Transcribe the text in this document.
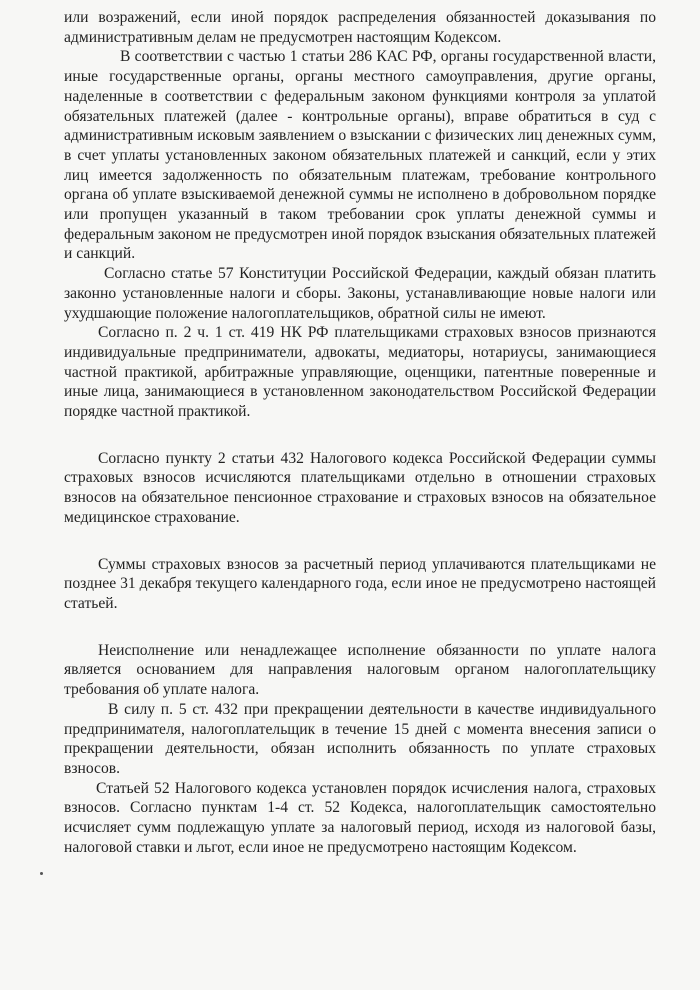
или возражений, если иной порядок распределения обязанностей доказывания по административным делам не предусмотрен настоящим Кодексом.

В соответствии с частью 1 статьи 286 КАС РФ, органы государственной власти, иные государственные органы, органы местного самоуправления, другие органы, наделенные в соответствии с федеральным законом функциями контроля за уплатой обязательных платежей (далее - контрольные органы), вправе обратиться в суд с административным исковым заявлением о взыскании с физических лиц денежных сумм, в счет уплаты установленных законом обязательных платежей и санкций, если у этих лиц имеется задолженность по обязательным платежам, требование контрольного органа об уплате взыскиваемой денежной суммы не исполнено в добровольном порядке или пропущен указанный в таком требовании срок уплаты денежной суммы и федеральным законом не предусмотрен иной порядок взыскания обязательных платежей и санкций.

Согласно статье 57 Конституции Российской Федерации, каждый обязан платить законно установленные налоги и сборы. Законы, устанавливающие новые налоги или ухудшающие положение налогоплательщиков, обратной силы не имеют.

Согласно п. 2 ч. 1 ст. 419 НК РФ плательщиками страховых взносов признаются индивидуальные предприниматели, адвокаты, медиаторы, нотариусы, занимающиеся частной практикой, арбитражные управляющие, оценщики, патентные поверенные и иные лица, занимающиеся в установленном законодательством Российской Федерации порядке частной практикой.

Согласно пункту 2 статьи 432 Налогового кодекса Российской Федерации суммы страховых взносов исчисляются плательщиками отдельно в отношении страховых взносов на обязательное пенсионное страхование и страховых взносов на обязательное медицинское страхование.

Суммы страховых взносов за расчетный период уплачиваются плательщиками не позднее 31 декабря текущего календарного года, если иное не предусмотрено настоящей статьей.

Неисполнение или ненадлежащее исполнение обязанности по уплате налога является основанием для направления налоговым органом налогоплательщику требования об уплате налога.

В силу п. 5 ст. 432 при прекращении деятельности в качестве индивидуального предпринимателя, налогоплательщик в течение 15 дней с момента внесения записи о прекращении деятельности, обязан исполнить обязанность по уплате страховых взносов.

Статьей 52 Налогового кодекса установлен порядок исчисления налога, страховых взносов. Согласно пунктам 1-4 ст. 52 Кодекса, налогоплательщик самостоятельно исчисляет сумм подлежащую уплате за налоговый период, исходя из налоговой базы, налоговой ставки и льгот, если иное не предусмотрено настоящим Кодексом.
